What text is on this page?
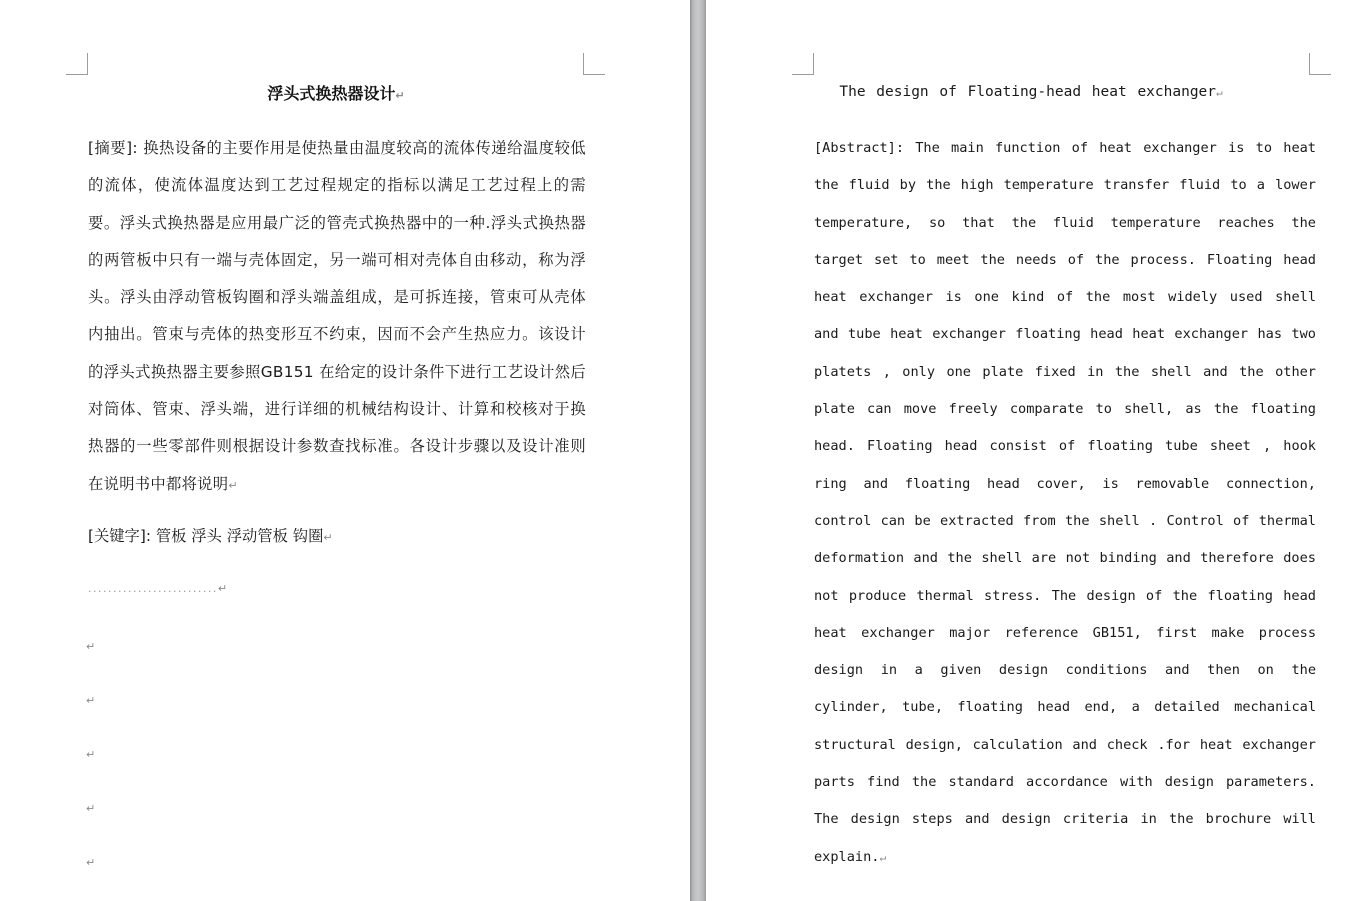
浮头式换热器设计↵
[摘要]: 换热设备的主要作用是使热量由温度较高的流体传递给温度较低的流体，使流体温度达到工艺过程规定的指标以满足工艺过程上的需要。浮头式换热器是应用最广泛的管壳式换热器中的一种.浮头式换热器的两管板中只有一端与壳体固定，另一端可相对壳体自由移动，称为浮头。浮头由浮动管板钩圈和浮头端盖组成，是可拆连接，管束可从壳体内抽出。管束与壳体的热变形互不约束，因而不会产生热应力。该设计的浮头式换热器主要参照GB151 在给定的设计条件下进行工艺设计然后对筒体、管束、浮头端，进行详细的机械结构设计、计算和校核对于换热器的一些零部件则根据设计参数查找标准。各设计步骤以及设计准则在说明书中都将说明↵
[关键字]: 管板 浮头 浮动管板 钩圈↵
..........................↵
↵
↵
↵
↵
↵
The design of Floating-head heat exchanger↵
[Abstract]: The main function of heat exchanger is to heat the fluid by the high temperature transfer fluid to a lower temperature, so that the fluid temperature reaches the target set to meet the needs of the process. Floating head heat exchanger is one kind of the most widely used shell and tube heat exchanger floating head heat exchanger has two platets , only one plate fixed in the shell and the other plate can move freely comparate to shell, as the floating head. Floating head consist of floating tube sheet , hook ring and floating head cover, is removable connection, control can be extracted from the shell . Control of thermal deformation and the shell are not binding and therefore does not produce thermal stress. The design of the floating head heat exchanger major reference GB151, first make process design in a given design conditions and then on the cylinder, tube, floating head end, a detailed mechanical structural design, calculation and check .for heat exchanger parts find the standard accordance with design parameters. The design steps and design criteria in the brochure will explain.↵
